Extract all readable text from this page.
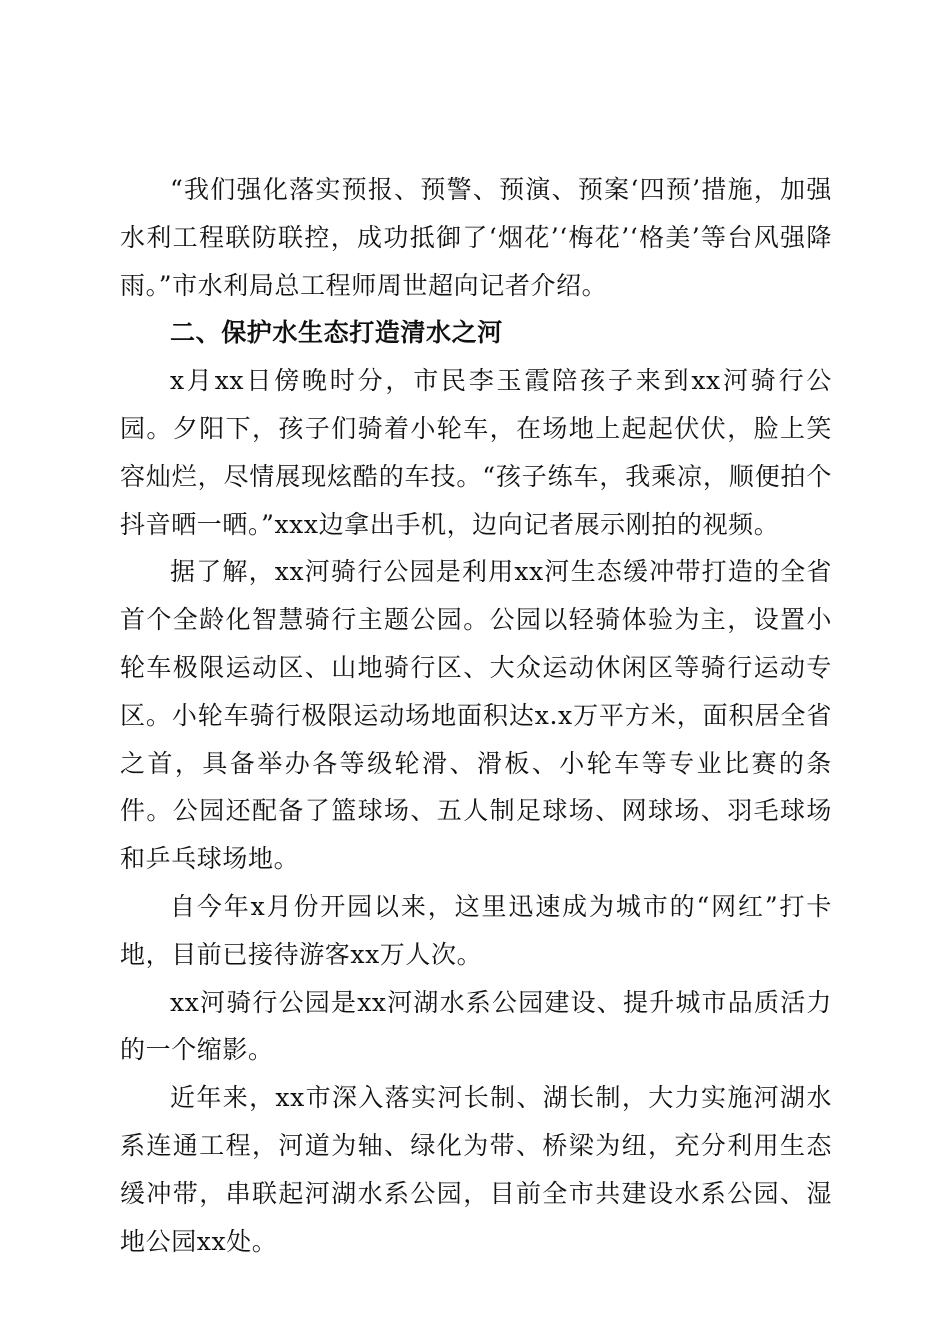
“我们强化落实预报、预警、预演、预案‘四预’措施，加强水利工程联防联控，成功抵御了‘烟花’‘梅花’‘格美’等台风强降雨。”市水利局总工程师周世超向记者介绍。

二、保护水生态打造清水之河

x月xx日傍晚时分，市民李玉霞陪孩子来到xx河骑行公园。夕阳下，孩子们骑着小轮车，在场地上起起伏伏，脸上笑容灿烂，尽情展现炫酷的车技。“孩子练车，我乘凉，顺便拍个抖音晒一晒。”xxx边拿出手机，边向记者展示刚拍的视频。

据了解，xx河骑行公园是利用xx河生态缓冲带打造的全省首个全龄化智慧骑行主题公园。公园以轻骑体验为主，设置小轮车极限运动区、山地骑行区、大众运动休闲区等骑行运动专区。小轮车骑行极限运动场地面积达x.x万平方米，面积居全省之首，具备举办各等级轮滑、滑板、小轮车等专业比赛的条件。公园还配备了篮球场、五人制足球场、网球场、羽毛球场和乒乓球场地。

自今年x月份开园以来，这里迅速成为城市的“网红”打卡地，目前已接待游客xx万人次。

xx河骑行公园是xx河湖水系公园建设、提升城市品质活力的一个缩影。

近年来，xx市深入落实河长制、湖长制，大力实施河湖水系连通工程，河道为轴、绿化为带、桥梁为纽，充分利用生态缓冲带，串联起河湖水系公园，目前全市共建设水系公园、湿地公园xx处。
